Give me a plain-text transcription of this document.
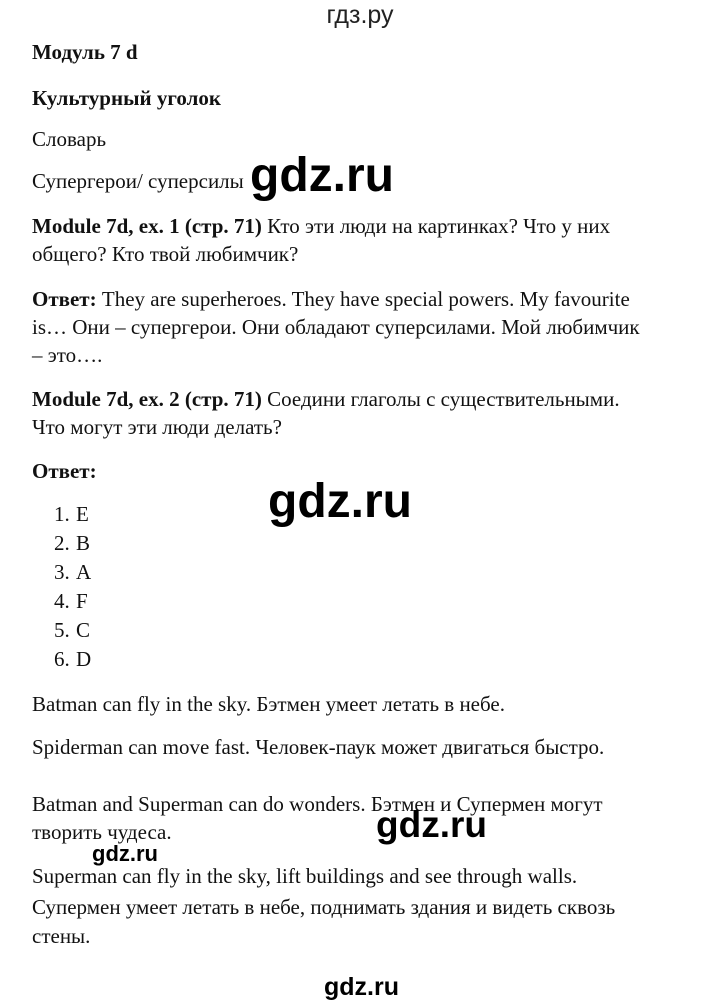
гдз.ру
Модуль 7 d
Культурный уголок
Словарь
Супергерои/ суперсилы gdz.ru
Module 7d, ex. 1 (стр. 71) Кто эти люди на картинках? Что у них
общего? Кто твой любимчик?
Ответ: They are superheroes. They have special powers. My favourite
is… Они – супергерои. Они обладают суперсилами. Мой любимчик
– это….
Module 7d, ex. 2 (стр. 71) Соедини глаголы с существительными.
Что могут эти люди делать?
Ответ:
gdz.ru
1. E
2. B
3. A
4. F
5. C
6. D
Batman can fly in the sky. Бэтмен умеет летать в небе.
Spiderman can move fast. Человек-паук может двигаться быстро.
Batman and Superman can do wonders. Бэтмен и Супермен могут
творить чудеса.	gdz.ru
gdz.ru
Superman can fly in the sky, lift buildings and see through walls.
Супермен умеет летать в небе, поднимать здания и видеть сквозь
стены.
gdz.ru
